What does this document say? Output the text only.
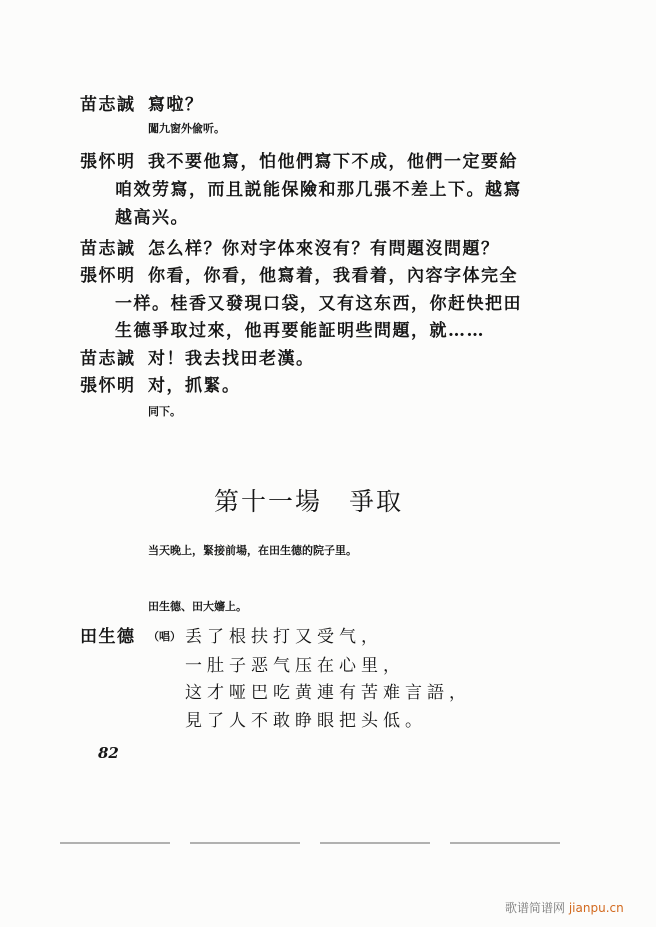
苗志誠 寫啦？
闖九窗外偸听。
張怀明 我不要他寫，怕他們寫下不成，他們一定要給
咱效劳寫，而且説能保險和那几張不差上下。越寫
越高兴。
苗志誠 怎么样？你对字体來沒有？有問題沒問題？
張怀明 你看，你看，他寫着，我看着，內容字体完全
一样。桂香又發現口袋，又有这东西，你赶快把田
生德爭取过來，他再要能証明些問題，就……
苗志誠 对！我去找田老漢。
張怀明 对，抓緊。
同下。
第十一場　爭取
当天晚上，緊接前場，在田生德的院子里。
田生德、田大嬸上。
田生德 （唱） 丢了根扶打又受气，
一肚子恶气压在心里，
这才哑巴吃黄連有苦难言語，
見了人不敢睁眼把头低。
82
歌谱简谱网 jianpu.cn
